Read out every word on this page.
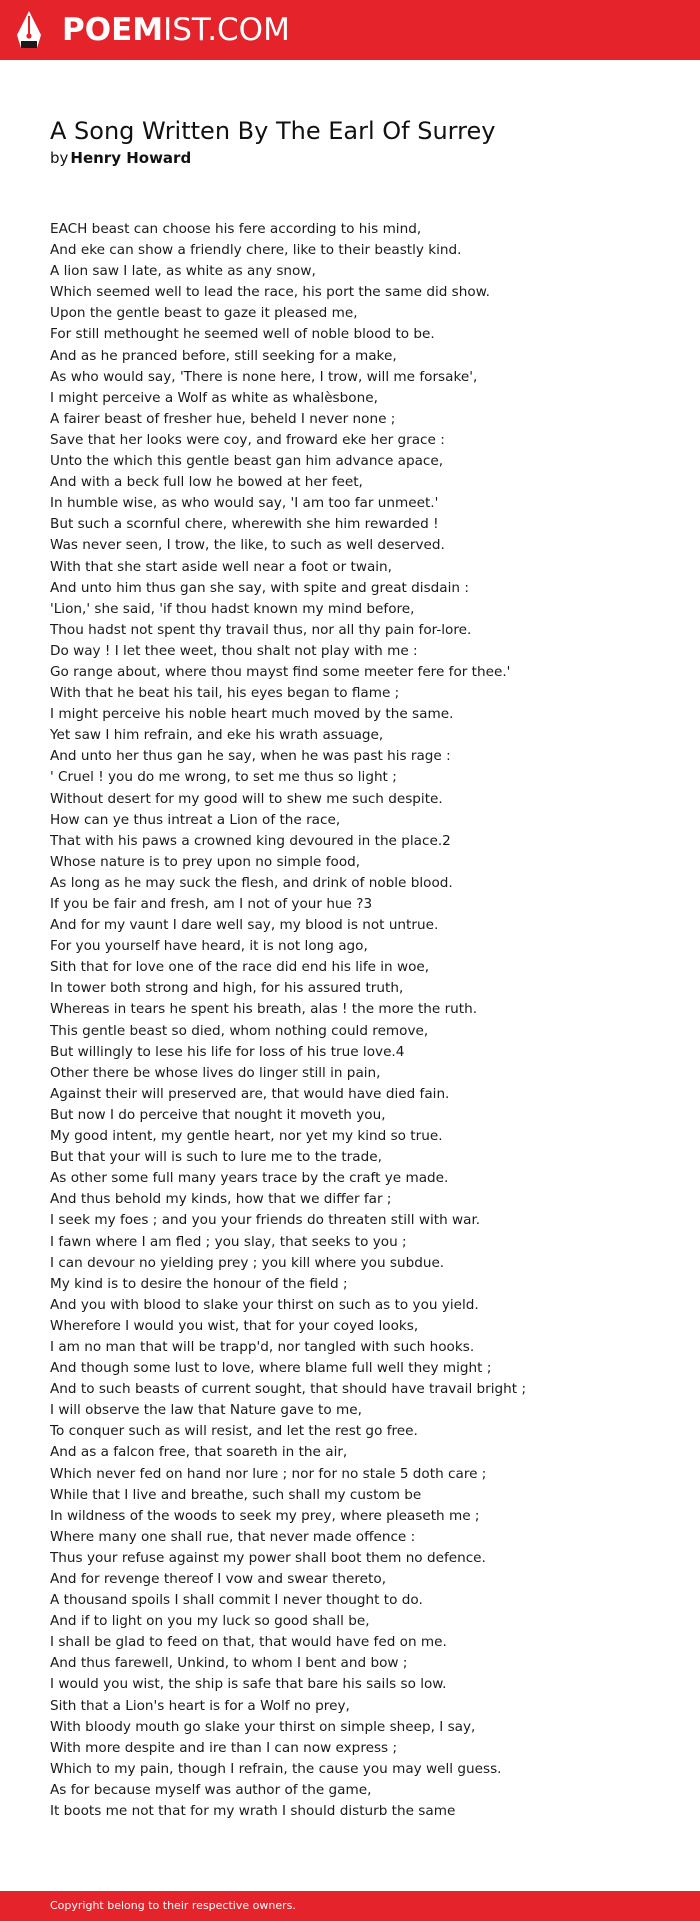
POEMIST.COM
A Song Written By The Earl Of Surrey
by Henry Howard
EACH beast can choose his fere according to his mind,
And eke can show a friendly chere, like to their beastly kind.
A lion saw I late, as white as any snow,
Which seemed well to lead the race, his port the same did show.
Upon the gentle beast to gaze it pleased me,
For still methought he seemed well of noble blood to be.
And as he pranced before, still seeking for a make,
As who would say, 'There is none here, I trow, will me forsake',
I might perceive a Wolf as white as whalèsbone,
A fairer beast of fresher hue, beheld I never none ;
Save that her looks were coy, and froward eke her grace :
Unto the which this gentle beast gan him advance apace,
And with a beck full low he bowed at her feet,
In humble wise, as who would say, 'I am too far unmeet.'
But such a scornful chere, wherewith she him rewarded !
Was never seen, I trow, the like, to such as well deserved.
With that she start aside well near a foot or twain,
And unto him thus gan she say, with spite and great disdain :
'Lion,' she said, 'if thou hadst known my mind before,
Thou hadst not spent thy travail thus, nor all thy pain for-lore.
Do way ! I let thee weet, thou shalt not play with me :
Go range about, where thou mayst find some meeter fere for thee.'
With that he beat his tail, his eyes began to flame ;
I might perceive his noble heart much moved by the same.
Yet saw I him refrain, and eke his wrath assuage,
And unto her thus gan he say, when he was past his rage :
' Cruel ! you do me wrong, to set me thus so light ;
Without desert for my good will to shew me such despite.
How can ye thus intreat a Lion of the race,
That with his paws a crowned king devoured in the place.2
Whose nature is to prey upon no simple food,
As long as he may suck the flesh, and drink of noble blood.
If you be fair and fresh, am I not of your hue ?3
And for my vaunt I dare well say, my blood is not untrue.
For you yourself have heard, it is not long ago,
Sith that for love one of the race did end his life in woe,
In tower both strong and high, for his assured truth,
Whereas in tears he spent his breath, alas ! the more the ruth.
This gentle beast so died, whom nothing could remove,
But willingly to lese his life for loss of his true love.4
Other there be whose lives do linger still in pain,
Against their will preserved are, that would have died fain.
But now I do perceive that nought it moveth you,
My good intent, my gentle heart, nor yet my kind so true.
But that your will is such to lure me to the trade,
As other some full many years trace by the craft ye made.
And thus behold my kinds, how that we differ far ;
I seek my foes ; and you your friends do threaten still with war.
I fawn where I am fled ; you slay, that seeks to you ;
I can devour no yielding prey ; you kill where you subdue.
My kind is to desire the honour of the field ;
And you with blood to slake your thirst on such as to you yield.
Wherefore I would you wist, that for your coyed looks,
I am no man that will be trapp'd, nor tangled with such hooks.
And though some lust to love, where blame full well they might ;
And to such beasts of current sought, that should have travail bright ;
I will observe the law that Nature gave to me,
To conquer such as will resist, and let the rest go free.
And as a falcon free, that soareth in the air,
Which never fed on hand nor lure ; nor for no stale 5 doth care ;
While that I live and breathe, such shall my custom be
In wildness of the woods to seek my prey, where pleaseth me ;
Where many one shall rue, that never made offence :
Thus your refuse against my power shall boot them no defence.
And for revenge thereof I vow and swear thereto,
A thousand spoils I shall commit I never thought to do.
And if to light on you my luck so good shall be,
I shall be glad to feed on that, that would have fed on me.
And thus farewell, Unkind, to whom I bent and bow ;
I would you wist, the ship is safe that bare his sails so low.
Sith that a Lion's heart is for a Wolf no prey,
With bloody mouth go slake your thirst on simple sheep, I say,
With more despite and ire than I can now express ;
Which to my pain, though I refrain, the cause you may well guess.
As for because myself was author of the game,
It boots me not that for my wrath I should disturb the same
Copyright belong to their respective owners.
